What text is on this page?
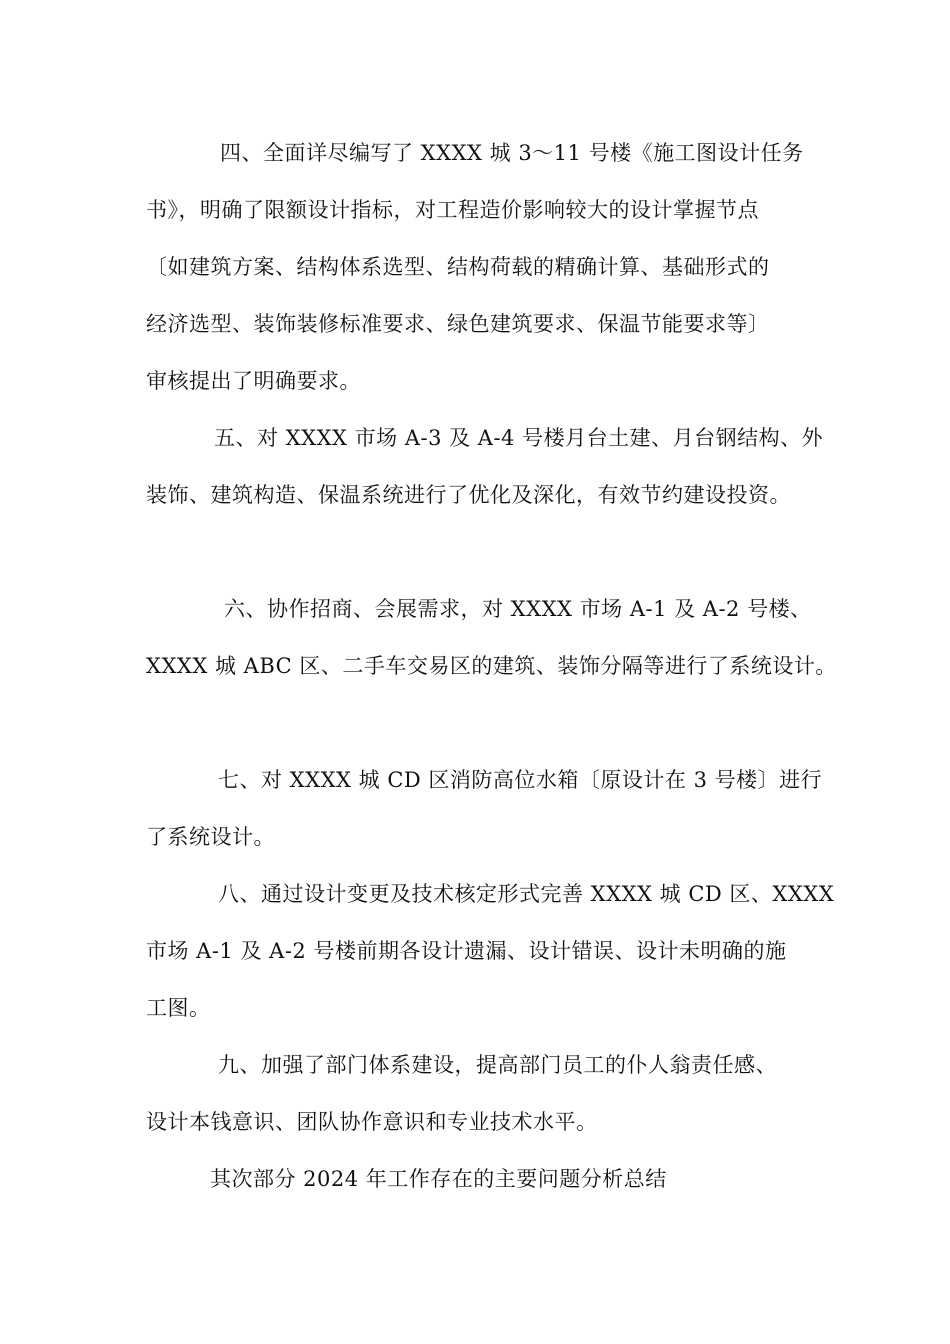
四、全面详尽编写了 XXXX 城 3～11 号楼《施工图设计任务
书》，明确了限额设计指标，对工程造价影响较大的设计掌握节点
〔如建筑方案、结构体系选型、结构荷载的精确计算、基础形式的
经济选型、装饰装修标准要求、绿色建筑要求、保温节能要求等〕
审核提出了明确要求。
五、对 XXXX 市场 A-3 及 A-4 号楼月台土建、月台钢结构、外
装饰、建筑构造、保温系统进行了优化及深化，有效节约建设投资。
六、协作招商、会展需求，对 XXXX 市场 A-1 及 A-2 号楼、
XXXX 城 ABC 区、二手车交易区的建筑、装饰分隔等进行了系统设计。
七、对 XXXX 城 CD 区消防高位水箱〔原设计在 3 号楼〕进行
了系统设计。
八、通过设计变更及技术核定形式完善 XXXX 城 CD 区、XXXX
市场 A-1 及 A-2 号楼前期各设计遗漏、设计错误、设计未明确的施
工图。
九、加强了部门体系建设，提高部门员工的仆人翁责任感、
设计本钱意识、团队协作意识和专业技术水平。
其次部分 2024 年工作存在的主要问题分析总结
